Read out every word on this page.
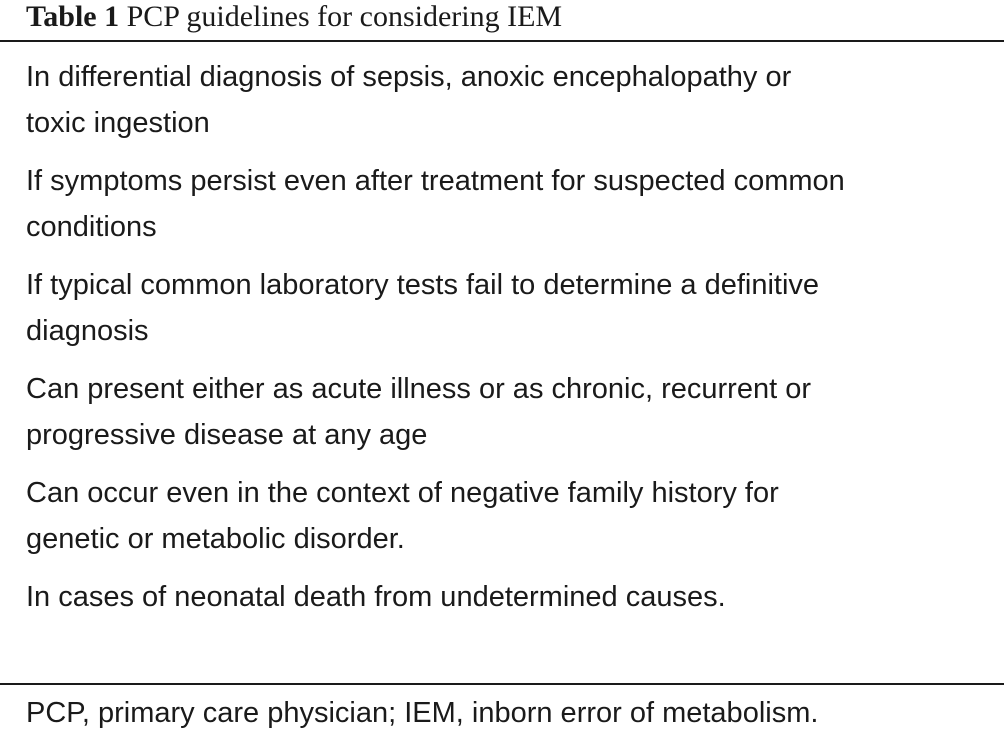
Table 1 PCP guidelines for considering IEM
In differential diagnosis of sepsis, anoxic encephalopathy or
toxic ingestion
If symptoms persist even after treatment for suspected common
conditions
If typical common laboratory tests fail to determine a definitive
diagnosis
Can present either as acute illness or as chronic, recurrent or
progressive disease at any age
Can occur even in the context of negative family history for
genetic or metabolic disorder.
In cases of neonatal death from undetermined causes.
PCP, primary care physician; IEM, inborn error of metabolism.
